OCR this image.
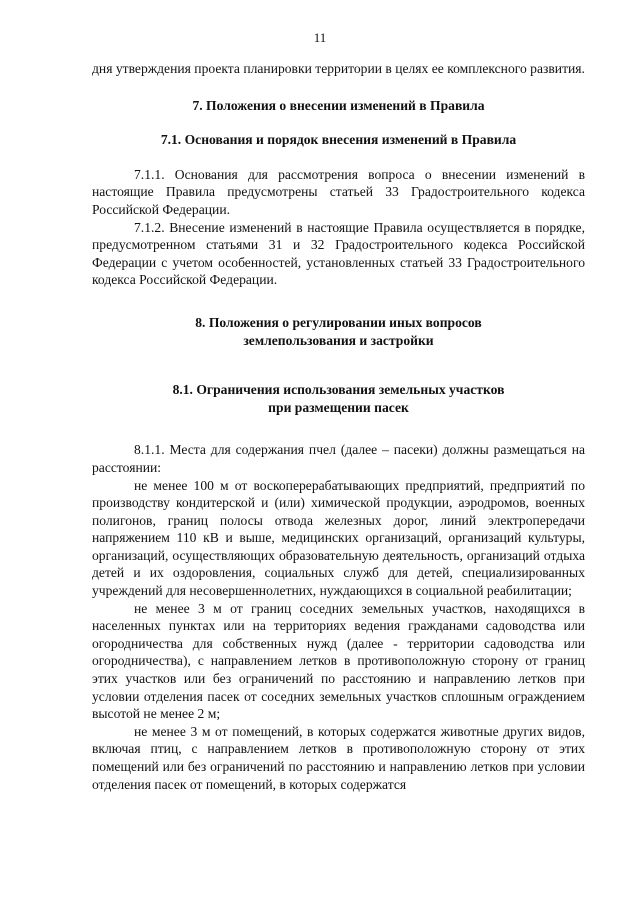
11

дня утверждения проекта планировки территории в целях ее комплексного развития.

7. Положения о внесении изменений в Правила
7.1. Основания и порядок внесения изменений в Правила

7.1.1. Основания для рассмотрения вопроса о внесении изменений в настоящие Правила предусмотрены статьей 33 Градостроительного кодекса Российской Федерации.

7.1.2. Внесение изменений в настоящие Правила осуществляется в порядке, предусмотренном статьями 31 и 32 Градостроительного кодекса Российской Федерации с учетом особенностей, установленных статьей 33 Градостроительного кодекса Российской Федерации.

8. Положения о регулировании иных вопросов
землепользования и застройки
8.1. Ограничения использования земельных участков
при размещении пасек

8.1.1. Места для содержания пчел (далее – пасеки) должны размещаться на расстоянии:

не менее 100 м от воскоперерабатывающих предприятий, предприятий по производству кондитерской и (или) химической продукции, аэродромов, военных полигонов, границ полосы отвода железных дорог, линий электропередачи напряжением 110 кВ и выше, медицинских организаций, организаций культуры, организаций, осуществляющих образовательную деятельность, организаций отдыха детей и их оздоровления, социальных служб для детей, специализированных учреждений для несовершеннолетних, нуждающихся в социальной реабилитации;

не менее 3 м от границ соседних земельных участков, находящихся в населенных пунктах или на территориях ведения гражданами садоводства или огородничества для собственных нужд (далее - территории садоводства или огородничества), с направлением летков в противоположную сторону от границ этих участков или без ограничений по расстоянию и направлению летков при условии отделения пасек от соседних земельных участков сплошным ограждением высотой не менее 2 м;

не менее 3 м от помещений, в которых содержатся животные других видов, включая птиц, с направлением летков в противоположную сторону от этих помещений или без ограничений по расстоянию и направлению летков при условии отделения пасек от помещений, в которых содержатся
